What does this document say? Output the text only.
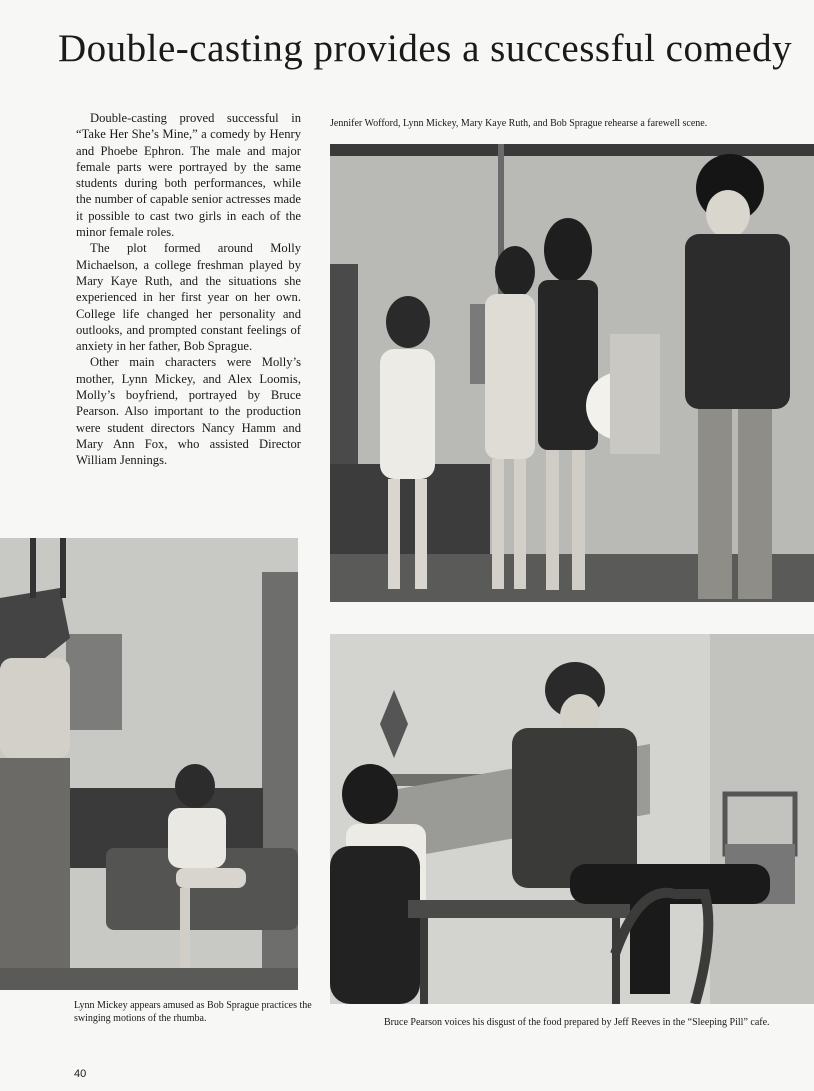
Double-casting provides a successful comedy

Double-casting proved successful in “Take Her She’s Mine,” a comedy by Henry and Phoebe Ephron. The male and major female parts were portrayed by the same students during both performances, while the number of capable senior actresses made it possible to cast two girls in each of the minor female roles.

The plot formed around Molly Michaelson, a college freshman played by Mary Kaye Ruth, and the situations she experienced in her first year on her own. College life changed her personality and outlooks, and prompted constant feelings of anxiety in her father, Bob Sprague.

Other main characters were Molly’s mother, Lynn Mickey, and Alex Loomis, Molly’s boyfriend, portrayed by Bruce Pearson. Also important to the production were student directors Nancy Hamm and Mary Ann Fox, who assisted Director William Jennings.

Jennifer Wofford, Lynn Mickey, Mary Kaye Ruth, and Bob Sprague rehearse a farewell scene.

Lynn Mickey appears amused as Bob Sprague practices the swinging motions of the rhumba.	Bruce Pearson voices his disgust of the food prepared by Jeff Reeves in the “Sleeping Pill” cafe.

40
